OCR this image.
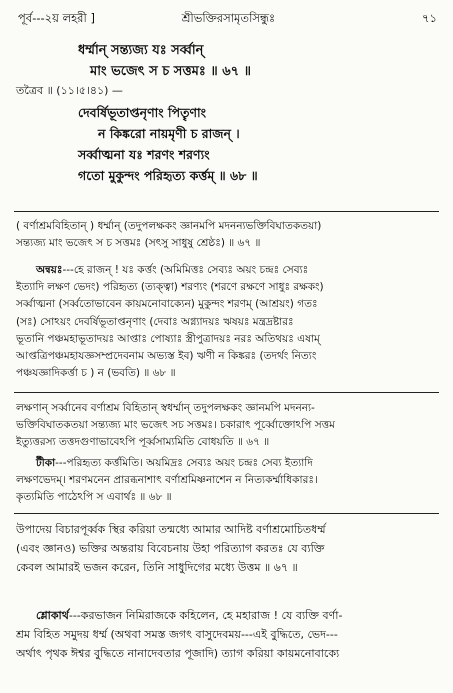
পূর্ব---২য় লহরী ]	শ্রীভক্তিরসামৃতসিন্ধুঃ	৭১
ধর্ম্মান্ সন্ত্যজ্য যঃ সর্ব্বান্
মাং ভজেৎ স চ সত্তমঃ ॥ ৬৭ ॥
তত্রৈব ॥ (১১।৫।৪১) —
দেবর্ষিভূতাপ্তনৃণাং পিতৄণাং
ন কিঙ্করো নায়মৃণী চ রাজন্ ।
সর্ব্বাত্মনা যঃ শরণং শরণ্যং
গতো মুকুন্দং পরিহৃত্য কর্ত্তম্ ॥ ৬৮ ॥
( বর্ণাশ্রমবিহিতান্ ) ধর্ম্মান্ (তদুপলক্ষকং জ্ঞানমপি মদনন্যভক্তিবিঘাতকতয়া)
সন্ত্যজ্য মাং ভজেৎ স চ সত্তমঃ (সৎসু সাধুষু শ্রেষ্ঠঃ) ॥ ৬৭ ॥
অন্বয়ঃ---হে রাজন্ ! যঃ কৰ্ত্তং (অমিমিত্তঃ সেব্যঃ অয়ং চন্দ্রঃ সেব্যঃ
ইত্যাদি লক্ষণ ভেদং) পরিহৃত্য (ত্যক্ত্বা) শরণ্যং (শরণে রক্ষণে সাধুঃ রক্ষকং)
সর্ব্বাত্মনা (সর্ব্বতোভাবেন কায়মনোবাক্যেন) মুকুন্দং শরণম্ (আশ্রয়ং) গতঃ
(সঃ) সোঽয়ং দেবর্ষিভূতাপ্তনৃণাং (দেবাঃ অগ্ন্যাদয়ঃ ঋষয়ঃ মন্ত্রদ্রষ্টারঃ
ভূতানি পঞ্চমহাভূতাদয়ঃ আপ্তাঃ পোষ্যাঃ স্ত্রীপুত্রাদয়ঃ নরঃ অতিথয়ঃ এষাম্
আপ্তত্রিপঞ্চমহাযজ্ঞসম্প্রদেবনাম অভ্যস্ত ইব) ঋণী ন কিঙ্করঃ (তদর্থং নিত্যং
পঞ্চযজ্ঞাদিকর্ত্তা চ ) ন (ভবতি) ॥ ৬৮ ॥
লক্ষণান্ সর্ব্বানেব বর্ণাশ্রম বিহিতান্ স্বধর্ম্মান্ তদুপলক্ষকং জ্ঞানমপি মদনন্য-
ভক্তিবিঘাতকতয়া সন্ত্যজ্য মাং ভজেৎ সচ সত্তমঃ। চকারাৎ পূর্ব্বোক্তোঽপি সত্তম
ইত্যুত্তরস্য তত্তদগুণাভাবেঽপি পূর্ব্বসাম্যমিতি বোধয়তি ॥ ৬৭ ॥
টীকা---পরিহৃত্য কর্ত্তমিতি। অয়মিদ্রঃ সেব্যঃ অয়ং চন্দ্রঃ সেব্য ইত্যাদি
লক্ষণভেদম্। শরণমনেন প্রারব্ধনাশাৎ বর্ণাশ্রমিষ্ণনাশেন ন নিত্যকর্ম্মাধিকারঃ।
কৃত্যমিতি পাঠেঽপি স এবার্থঃ ॥ ৬৮ ॥
উপাদেয় বিচারপূর্ব্বক স্থির করিয়া তন্মধ্যে আমার আদিষ্ট বর্ণাশ্রমোচিতধর্ম্ম
(এবং জ্ঞানও) ভক্তির অন্তরায় বিবেচনায় উহা পরিত্যাগ করতঃ যে ব্যক্তি
কেবল আমারই ভজন করেন, তিনি সাধুদিগের মধ্যে উত্তম ॥ ৬৭ ॥
শ্লোকার্থ---করভাজন নিমিরাজকে কহিলেন, হে মহারাজ ! যে ব্যক্তি বর্ণা-
শ্রম বিহিত সমুদয় ধর্ম্ম (অথবা সমস্ত জগৎ বাসুদেবময়---এই বুদ্ধিতে, ভেদ---
অর্থাৎ পৃথক ঈশ্বর বুদ্ধিতে নানাদেবতার পূজাদি) ত্যাগ করিয়া কায়মনোবাক্যে
